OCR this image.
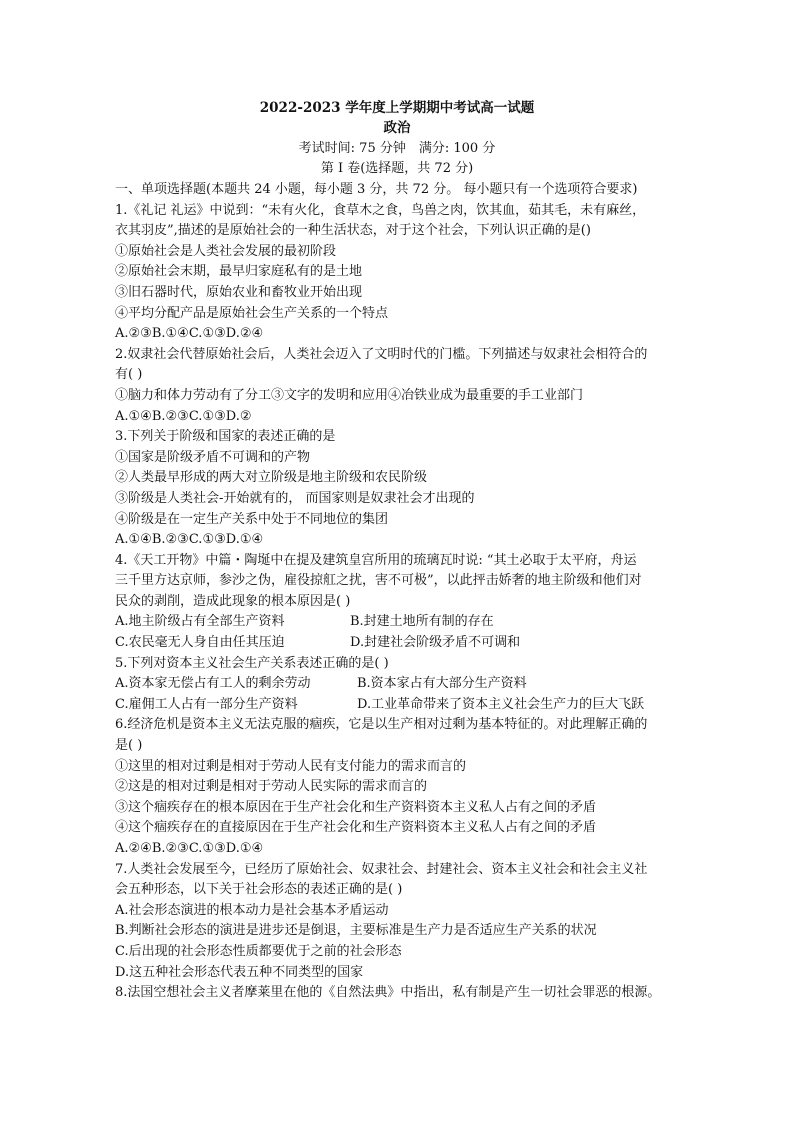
2022-2023 学年度上学期期中考试高一试题
政治
考试时间: 75 分钟　满分: 100 分
第 I 卷(选择题，共 72 分)
一、单项选择题(本题共 24 小题，每小题 3 分，共 72 分。 每小题只有一个选项符合要求)
1.《礼记 礼运》中说到：“未有火化，食草木之食，鸟兽之肉，饮其血，茹其毛，未有麻丝，
衣其羽皮”,描述的是原始社会的一种生活状态，对于这个社会，下列认识正确的是()
①原始社会是人类社会发展的最初阶段
②原始社会末期，最早归家庭私有的是土地
③旧石器时代，原始农业和畜牧业开始出现
④平均分配产品是原始社会生产关系的一个特点
A.②③B.①④C.①③D.②④
2.奴隶社会代替原始社会后，人类社会迈入了文明时代的门槛。下列描述与奴隶社会相符合的
有( )
①脑力和体力劳动有了分工③文字的发明和应用④冶铁业成为最重要的手工业部门
A.①④B.②③C.①③D.②
3.下列关于阶级和国家的表述正确的是
①国家是阶级矛盾不可调和的产物
②人类最早形成的两大对立阶级是地主阶级和农民阶级
③阶级是人类社会-开始就有的， 而国家则是奴隶社会才出现的
④阶级是在一定生产关系中处于不同地位的集团
A.①④B.②③C.①③D.①④
4.《天工开物》中篇・陶埏中在提及建筑皇宫所用的琉璃瓦时说: “其土必取于太平府，舟运
三千里方达京师，参沙之伪，雇役掠舡之扰，害不可极”，以此抨击娇奢的地主阶级和他们对
民众的剥削，造成此现象的根本原因是( )
A.地主阶级占有全部生产资料	B.封建土地所有制的存在
C.农民毫无人身自由任其压迫	D.封建社会阶级矛盾不可调和
5.下列对资本主义社会生产关系表述正确的是( )
A.资本家无偿占有工人的剩余劳动	B.资本家占有大部分生产资料
C.雇佣工人占有一部分生产资料	D.工业革命带来了资本主义社会生产力的巨大飞跃
6.经济危机是资本主义无法克服的痼疾，它是以生产相对过剩为基本特征的。对此理解正确的
是( )
①这里的相对过剩是相对于劳动人民有支付能力的需求而言的
②这是的相对过剩是相对于劳动人民实际的需求而言的
③这个痼疾存在的根本原因在于生产社会化和生产资料资本主义私人占有之间的矛盾
④这个痼疾存在的直接原因在于生产社会化和生产资料资本主义私人占有之间的矛盾
A.②④B.②③C.①③D.①④
7.人类社会发展至今，已经历了原始社会、奴隶社会、封建社会、资本主义社会和社会主义社
会五种形态，以下关于社会形态的表述正确的是( )
A.社会形态演进的根本动力是社会基本矛盾运动
B.判断社会形态的演进是进步还是倒退，主要标准是生产力是否适应生产关系的状况
C.后出现的社会形态性质都要优于之前的社会形态
D.这五种社会形态代表五种不同类型的国家
8.法国空想社会主义者摩莱里在他的《自然法典》中指出，私有制是产生一切社会罪恶的根源。
